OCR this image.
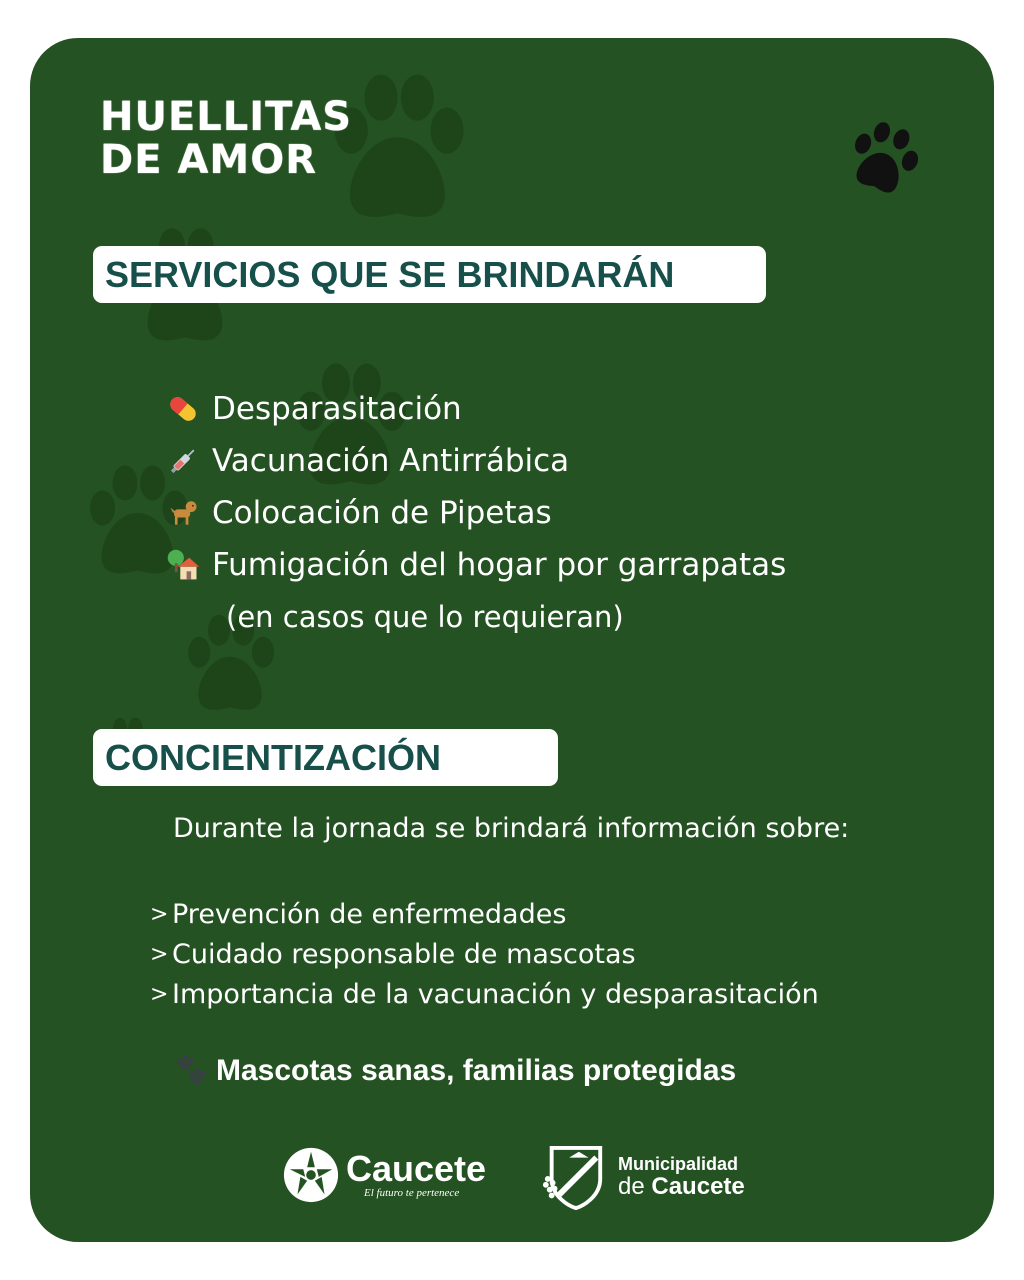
HUELLITAS
DE AMOR
SERVICIOS QUE SE BRINDARÁN
Desparasitación
Vacunación Antirrábica
Colocación de Pipetas
Fumigación del hogar por garrapatas
(en casos que lo requieran)
CONCIENTIZACIÓN
Durante la jornada se brindará información sobre:
> Prevención de enfermedades
> Cuidado responsable de mascotas
> Importancia de la vacunación y desparasitación
Mascotas sanas, familias protegidas
Caucete
El futuro te pertenece
Municipalidad
de Caucete
